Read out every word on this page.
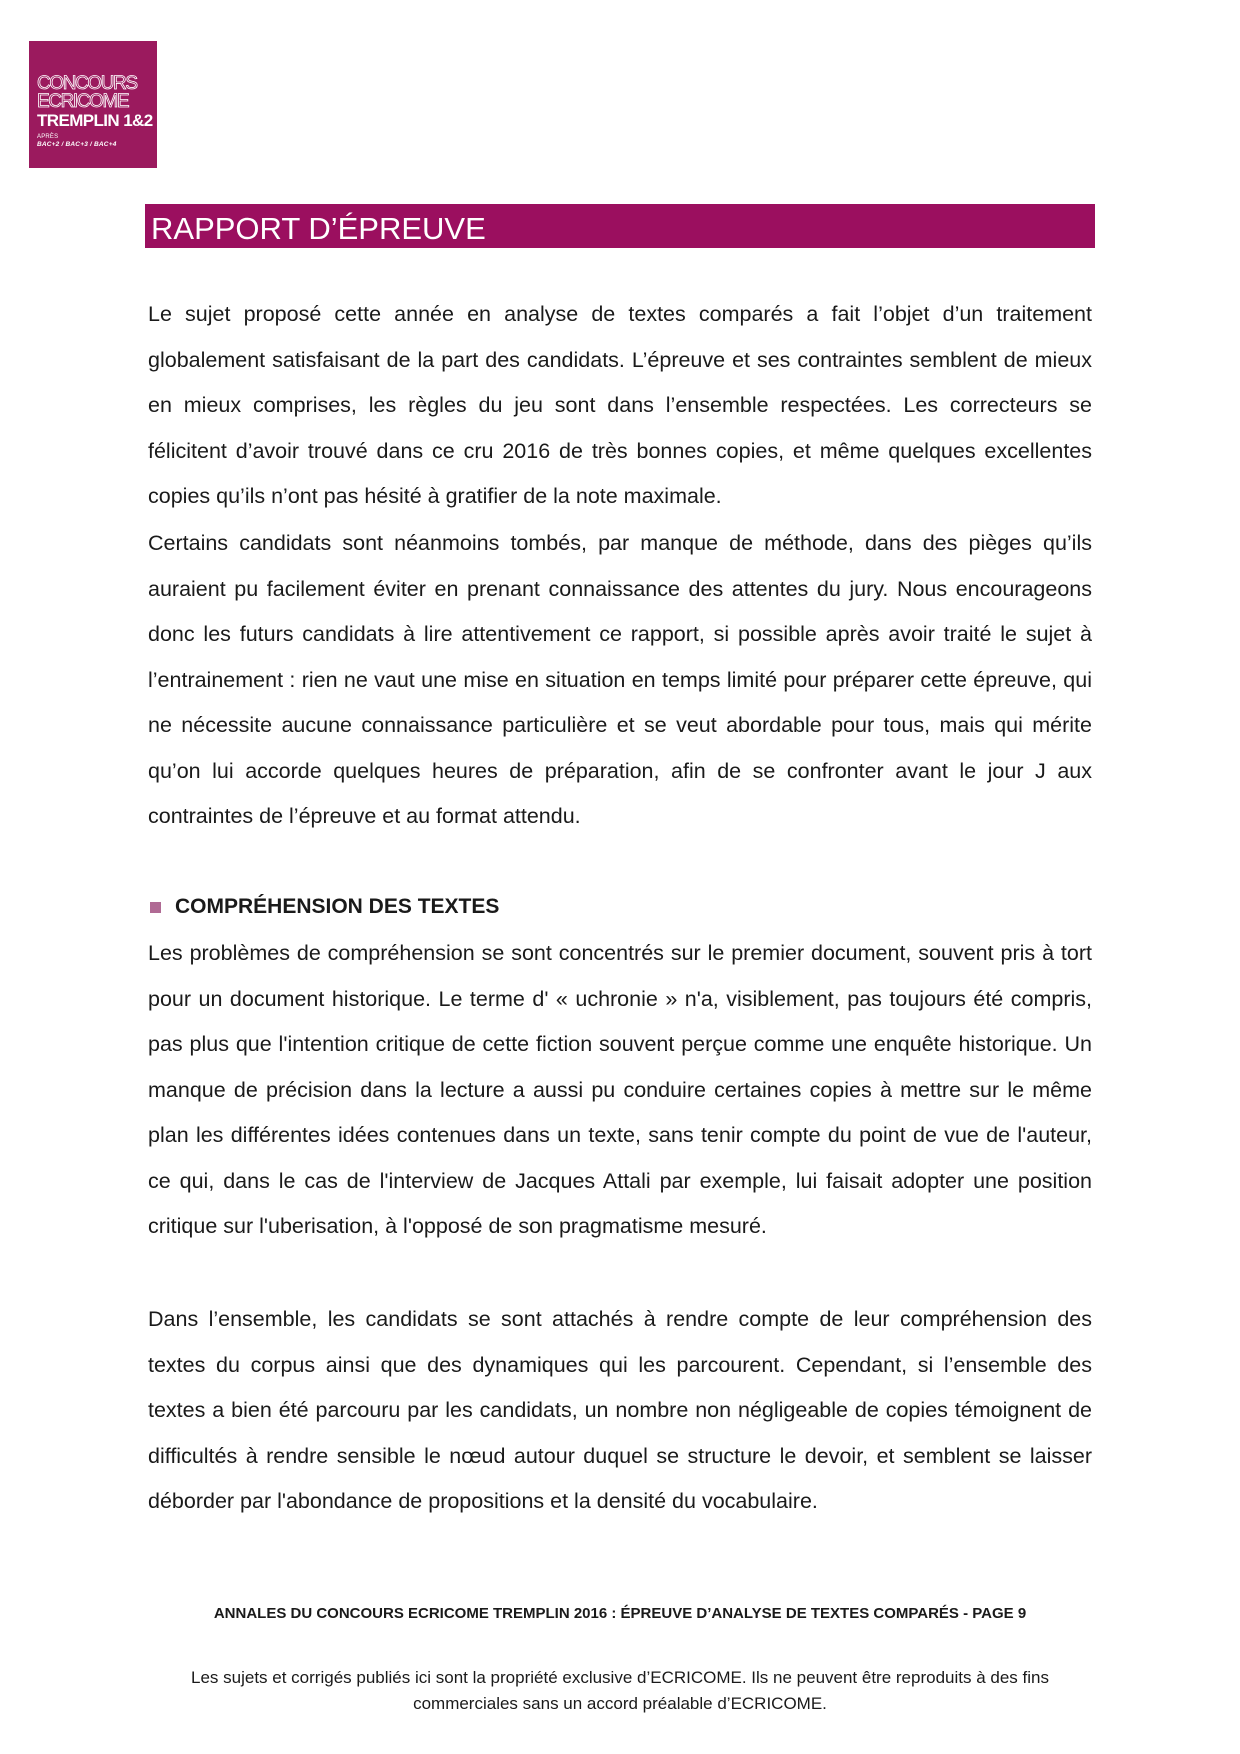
CONCOURS
ECRICOME
TREMPLIN 1&2
APRÈS
BAC+2 / BAC+3 / BAC+4
RAPPORT D’ÉPREUVE

Le sujet proposé cette année en analyse de textes comparés a fait l’objet d’un traitement globalement satisfaisant de la part des candidats. L’épreuve et ses contraintes semblent de mieux en mieux comprises, les règles du jeu sont dans l’ensemble respectées. Les correcteurs se félicitent d’avoir trouvé dans ce cru 2016 de très bonnes copies, et même quelques excellentes copies qu’ils n’ont pas hésité à gratifier de la note maximale.

Certains candidats sont néanmoins tombés, par manque de méthode, dans des pièges qu’ils auraient pu facilement éviter en prenant connaissance des attentes du jury. Nous encourageons donc les futurs candidats à lire attentivement ce rapport, si possible après avoir traité le sujet à l’entrainement : rien ne vaut une mise en situation en temps limité pour préparer cette épreuve, qui ne nécessite aucune connaissance particulière et se veut abordable pour tous, mais qui mérite qu’on lui accorde quelques heures de préparation, afin de se confronter avant le jour J aux contraintes de l’épreuve et au format attendu.

COMPRÉHENSION DES TEXTES

Les problèmes de compréhension se sont concentrés sur le premier document, souvent pris à tort pour un document historique. Le terme d' « uchronie » n'a, visiblement, pas toujours été compris, pas plus que l'intention critique de cette fiction souvent perçue comme une enquête historique. Un manque de précision dans la lecture a aussi pu conduire certaines copies à mettre sur le même plan les différentes idées contenues dans un texte, sans tenir compte du point de vue de l'auteur, ce qui, dans le cas de l'interview de Jacques Attali par exemple, lui faisait adopter une position critique sur l'uberisation, à l'opposé de son pragmatisme mesuré.

Dans l’ensemble, les candidats se sont attachés à rendre compte de leur compréhension des textes du corpus ainsi que des dynamiques qui les parcourent. Cependant, si l’ensemble des textes a bien été parcouru par les candidats, un nombre non négligeable de copies témoignent de difficultés à rendre sensible le nœud autour duquel se structure le devoir, et semblent se laisser déborder par l'abondance de propositions et la densité du vocabulaire.

ANNALES DU CONCOURS ECRICOME TREMPLIN 2016 : ÉPREUVE D’ANALYSE DE TEXTES COMPARÉS - PAGE 9
Les sujets et corrigés publiés ici sont la propriété exclusive d’ECRICOME. Ils ne peuvent être reproduits à des fins commerciales sans un accord préalable d’ECRICOME.
